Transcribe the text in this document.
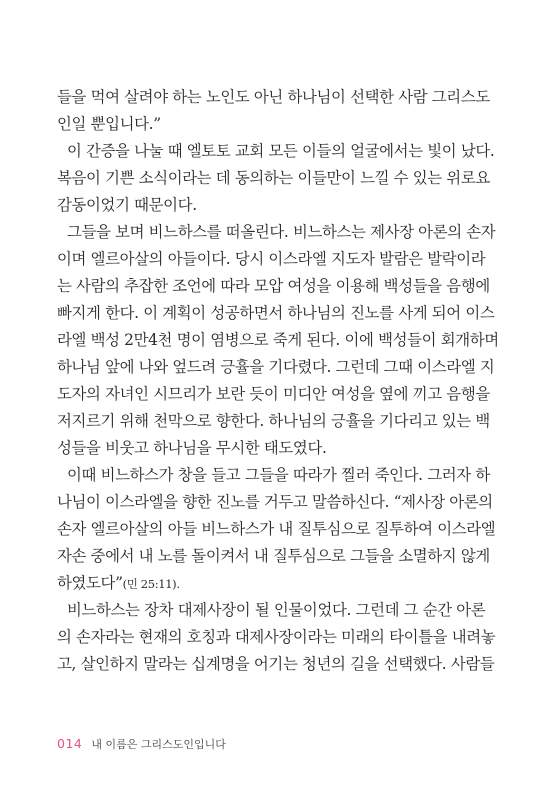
들을 먹여 살려야 하는 노인도 아닌 하나님이 선택한 사람 그리스도
인일 뿐입니다.”
이 간증을 나눌 때 엘토토 교회 모든 이들의 얼굴에서는 빛이 났다.
복음이 기쁜 소식이라는 데 동의하는 이들만이 느낄 수 있는 위로요
감동이었기 때문이다.
그들을 보며 비느하스를 떠올린다. 비느하스는 제사장 아론의 손자
이며 엘르아살의 아들이다. 당시 이스라엘 지도자 발람은 발락이라
는 사람의 추잡한 조언에 따라 모압 여성을 이용해 백성들을 음행에
빠지게 한다. 이 계획이 성공하면서 하나님의 진노를 사게 되어 이스
라엘 백성 2만4천 명이 염병으로 죽게 된다. 이에 백성들이 회개하며
하나님 앞에 나와 엎드려 긍휼을 기다렸다. 그런데 그때 이스라엘 지
도자의 자녀인 시므리가 보란 듯이 미디안 여성을 옆에 끼고 음행을
저지르기 위해 천막으로 향한다. 하나님의 긍휼을 기다리고 있는 백
성들을 비웃고 하나님을 무시한 태도였다.
이때 비느하스가 창을 들고 그들을 따라가 찔러 죽인다. 그러자 하
나님이 이스라엘을 향한 진노를 거두고 말씀하신다. “제사장 아론의
손자 엘르아살의 아들 비느하스가 내 질투심으로 질투하여 이스라엘
자손 중에서 내 노를 돌이켜서 내 질투심으로 그들을 소멸하지 않게
하였도다”(민 25:11).
비느하스는 장차 대제사장이 될 인물이었다. 그런데 그 순간 아론
의 손자라는 현재의 호칭과 대제사장이라는 미래의 타이틀을 내려놓
고, 살인하지 말라는 십계명을 어기는 청년의 길을 선택했다. 사람들
014 내 이름은 그리스도인입니다
